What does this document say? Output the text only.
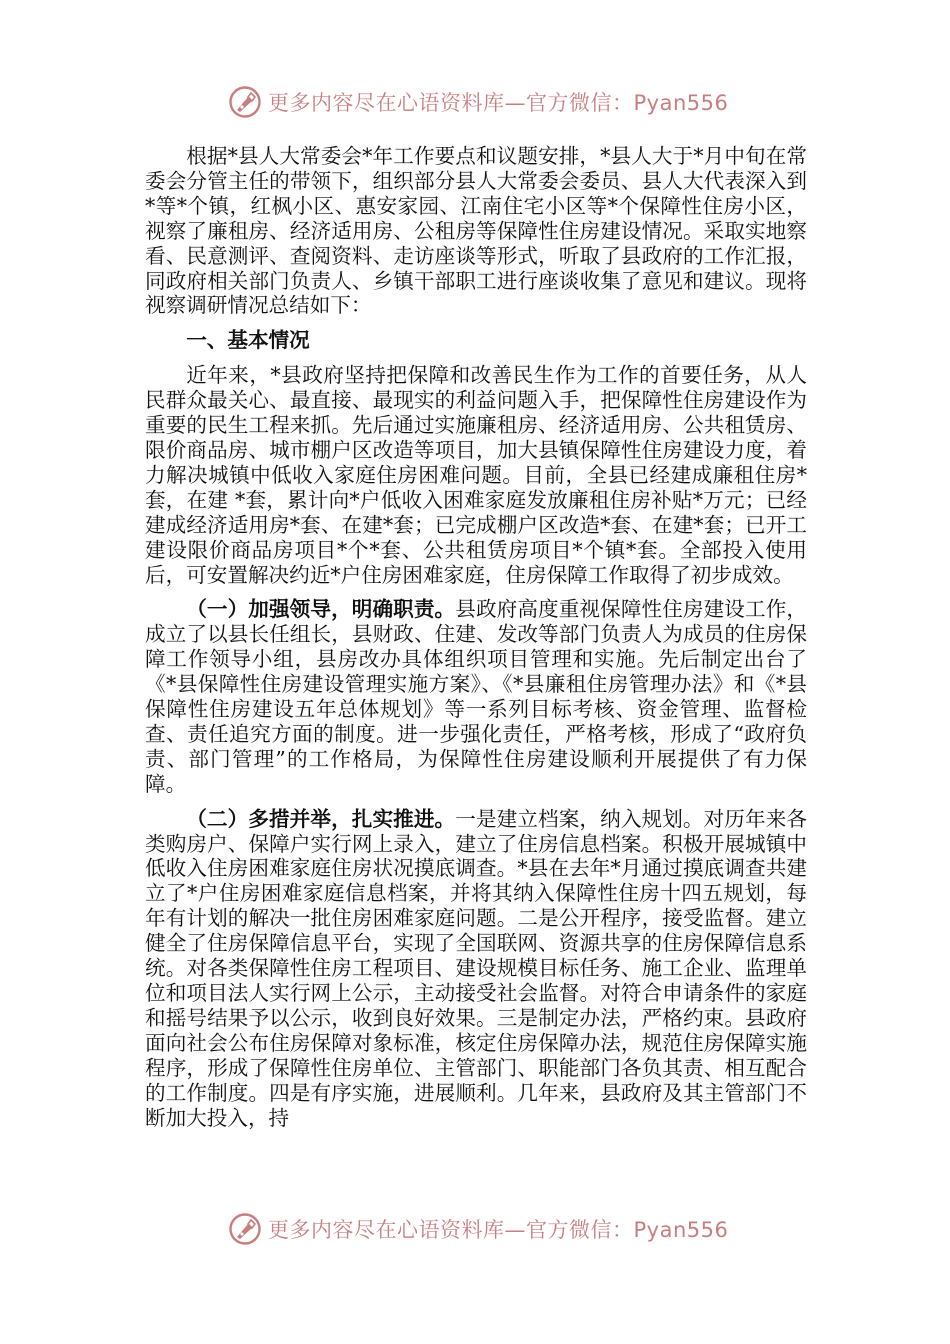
更多内容尽在心语资料库—官方微信：Pyan556

根据*县人大常委会*年工作要点和议题安排，*县人大于*月中旬在常委会分管主任的带领下，组织部分县人大常委会委员、县人大代表深入到*等*个镇，红枫小区、惠安家园、江南住宅小区等*个保障性住房小区，视察了廉租房、经济适用房、公租房等保障性住房建设情况。采取实地察看、民意测评、查阅资料、走访座谈等形式，听取了县政府的工作汇报，同政府相关部门负责人、乡镇干部职工进行座谈收集了意见和建议。现将视察调研情况总结如下：

一、基本情况

近年来，*县政府坚持把保障和改善民生作为工作的首要任务，从人民群众最关心、最直接、最现实的利益问题入手，把保障性住房建设作为重要的民生工程来抓。先后通过实施廉租房、经济适用房、公共租赁房、限价商品房、城市棚户区改造等项目，加大县镇保障性住房建设力度，着力解决城镇中低收入家庭住房困难问题。目前，全县已经建成廉租住房*套，在建 *套，累计向*户低收入困难家庭发放廉租住房补贴*万元；已经建成经济适用房*套、在建*套；已完成棚户区改造*套、在建*套；已开工建设限价商品房项目*个*套、公共租赁房项目*个镇*套。全部投入使用后，可安置解决约近*户住房困难家庭，住房保障工作取得了初步成效。

（一）加强领导，明确职责。县政府高度重视保障性住房建设工作，成立了以县长任组长，县财政、住建、发改等部门负责人为成员的住房保障工作领导小组，县房改办具体组织项目管理和实施。先后制定出台了《*县保障性住房建设管理实施方案》、《*县廉租住房管理办法》和《*县保障性住房建设五年总体规划》等一系列目标考核、资金管理、监督检查、责任追究方面的制度。进一步强化责任，严格考核，形成了“政府负责、部门管理”的工作格局，为保障性住房建设顺利开展提供了有力保障。

（二）多措并举，扎实推进。一是建立档案，纳入规划。对历年来各类购房户、保障户实行网上录入，建立了住房信息档案。积极开展城镇中低收入住房困难家庭住房状况摸底调查。*县在去年*月通过摸底调查共建立了*户住房困难家庭信息档案，并将其纳入保障性住房十四五规划，每年有计划的解决一批住房困难家庭问题。二是公开程序，接受监督。建立健全了住房保障信息平台，实现了全国联网、资源共享的住房保障信息系统。对各类保障性住房工程项目、建设规模目标任务、施工企业、监理单位和项目法人实行网上公示，主动接受社会监督。对符合申请条件的家庭和摇号结果予以公示，收到良好效果。三是制定办法，严格约束。县政府面向社会公布住房保障对象标准，核定住房保障办法，规范住房保障实施程序，形成了保障性住房单位、主管部门、职能部门各负其责、相互配合的工作制度。四是有序实施，进展顺利。几年来，县政府及其主管部门不断加大投入，持

更多内容尽在心语资料库—官方微信：Pyan556
